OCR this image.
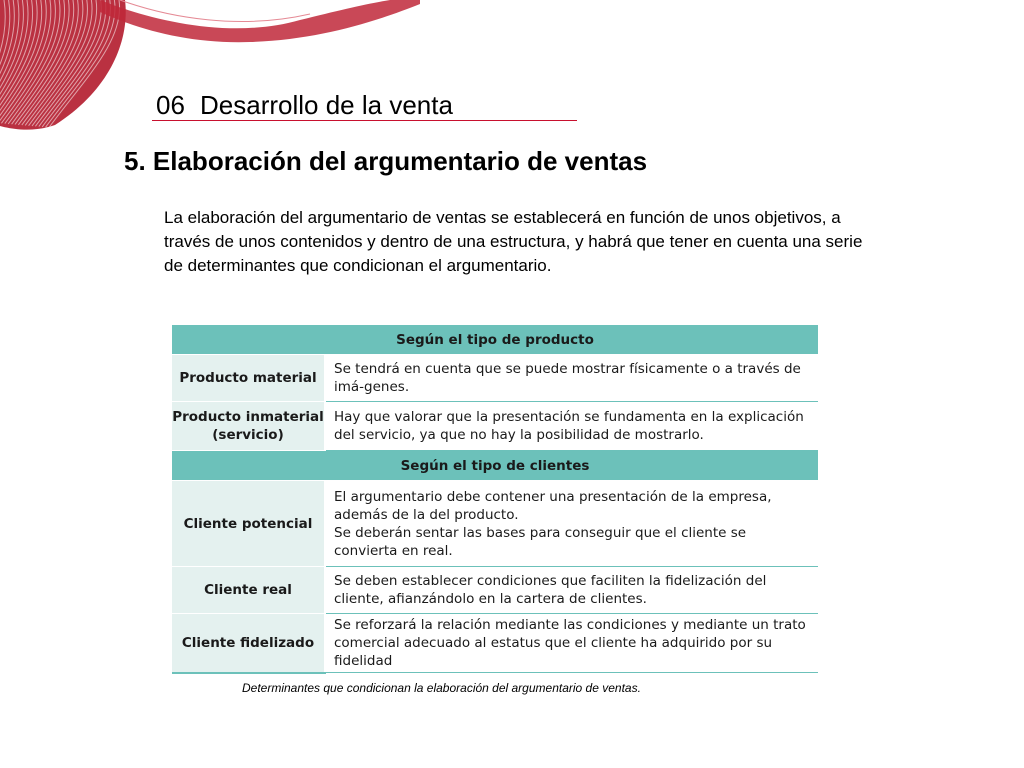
06 Desarrollo de la venta
5. Elaboración del argumentario de ventas
La elaboración del argumentario de ventas se establecerá en función de unos objetivos, a través de unos contenidos y dentro de una estructura, y habrá que tener en cuenta una serie de determinantes que condicionan el argumentario.
Según el tipo de producto	
Producto material	Se tendrá en cuenta que se puede mostrar físicamente o a través de imá-genes.
Producto inmaterial (servicio)	Hay que valorar que la presentación se fundamenta en la explicación del servicio, ya que no hay la posibilidad de mostrarlo.
Según el tipo de clientes	
Cliente potencial	El argumentario debe contener una presentación de la empresa, además de la del producto.
Se deberán sentar las bases para conseguir que el cliente se convierta en real.

Cliente real	Se deben establecer condiciones que faciliten la fidelización del cliente, afianzándolo en la cartera de clientes.
Cliente fidelizado	Se reforzará la relación mediante las condiciones y mediante un trato comercial adecuado al estatus que el cliente ha adquirido por su fidelidad
Determinantes que condicionan la elaboración del argumentario de ventas.
